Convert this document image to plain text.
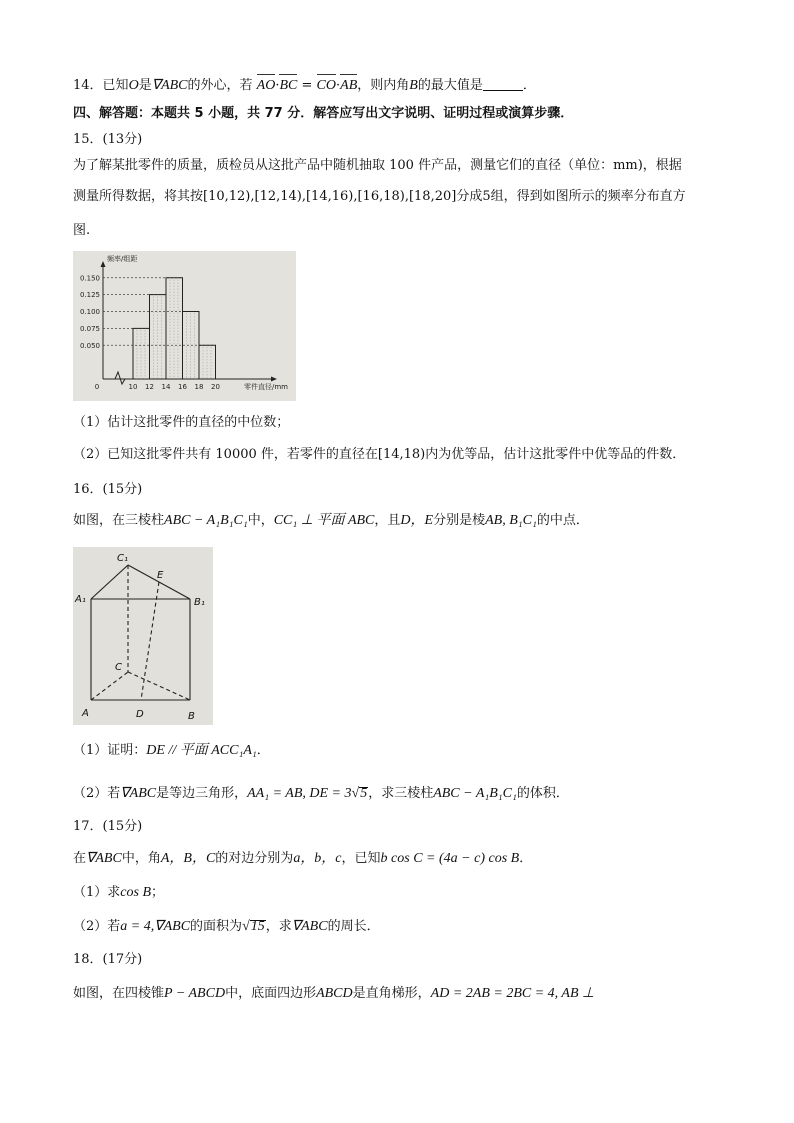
14．已知O是∇ABC的外心，若 AO·BC = CO·AB，则内角B的最大值是	．
四、解答题：本题共 5 小题，共 77 分．解答应写出文字说明、证明过程或演算步骤．
15．(13分)
为了解某批零件的质量，质检员从这批产品中随机抽取 100 件产品，测量它们的直径（单位：mm)，根据
测量所得数据，将其按[10,12),[12,14),[14,16),[16,18),[18,20]分成5组，得到如图所示的频率分布直方
图.
频率/组距
0.050
0.075
0.100
0.125
0.150
0	10 12 14 16 18 20	零件直径/mm
（1）估计这批零件的直径的中位数；
（2）已知这批零件共有 10000 件，若零件的直径在[14,18)内为优等品，估计这批零件中优等品的件数．
16．(15分)
如图，在三棱柱ABC − A₁B₁C₁中，CC₁ ⊥ 平面 ABC，且D，E分别是棱AB, B₁C₁的中点．
C₁
A₁	B₁
E
C
A	D	B
（1）证明：DE // 平面 ACC₁A₁．
（2）若∇ABC是等边三角形，AA₁ = AB, DE = 3√5，求三棱柱ABC − A₁B₁C₁的体积．
17．(15分)
在∇ABC中，角A，B，C的对边分别为a，b，c，已知b cos C = (4a − c) cos B．
（1）求cos B；
（2）若a = 4,∇ABC的面积为√15，求∇ABC的周长．
18．(17分)
如图，在四棱锥P − ABCD中，底面四边形ABCD是直角梯形，AD = 2AB = 2BC = 4, AB ⊥
